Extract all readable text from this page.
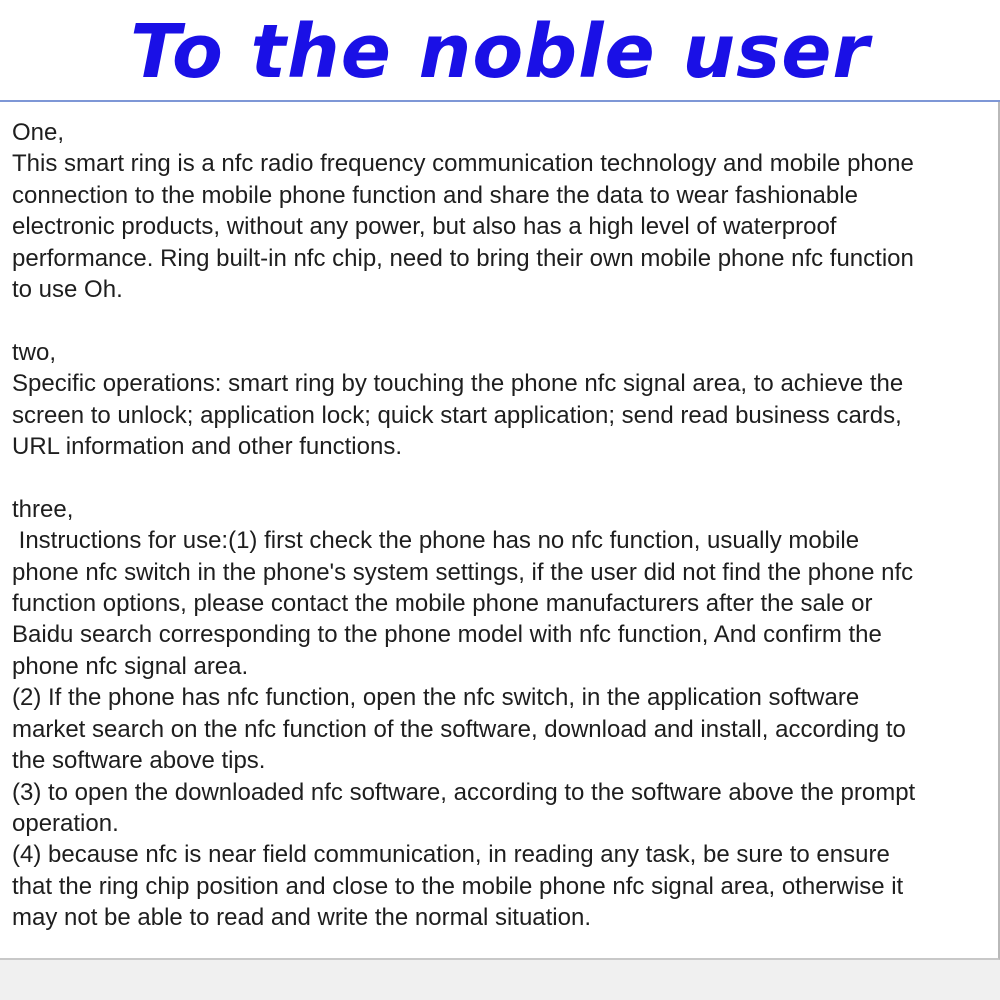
To the noble user

One,

This smart ring is a nfc radio frequency communication technology and mobile phone

connection to the mobile phone function and share the data to wear fashionable

electronic products, without any power, but also has a high level of waterproof

performance. Ring built-in nfc chip, need to bring their own mobile phone nfc function

to use Oh.

two,

Specific operations: smart ring by touching the phone nfc signal area, to achieve the

screen to unlock; application lock; quick start application; send read business cards,

URL information and other functions.

three,

Instructions for use:(1) first check the phone has no nfc function, usually mobile

phone nfc switch in the phone's system settings, if the user did not find the phone nfc

function options, please contact the mobile phone manufacturers after the sale or

Baidu search corresponding to the phone model with nfc function, And confirm the

phone nfc signal area.

(2) If the phone has nfc function, open the nfc switch, in the application software

market search on the nfc function of the software, download and install, according to

the software above tips.

(3) to open the downloaded nfc software, according to the software above the prompt

operation.

(4) because nfc is near field communication, in reading any task, be sure to ensure

that the ring chip position and close to the mobile phone nfc signal area, otherwise it

may not be able to read and write the normal situation.
